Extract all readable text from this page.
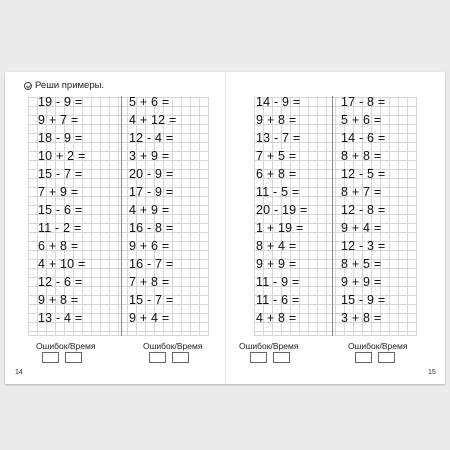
Реши примеры.
19 - 9 =
9 + 7 =
18 - 9 =
10 + 2 =
15 - 7 =
7 + 9 =
15 - 6 =
11 - 2 =
6 + 8 =
4 + 10 =
12 - 6 =
9 + 8 =
13 - 4 =
5 + 6 =
4 + 12 =
12 - 4 =
3 + 9 =
20 - 9 =
17 - 9 =
4 + 9 =
16 - 8 =
9 + 6 =
16 - 7 =
7 + 8 =
15 - 7 =
9 + 4 =
Ошибок/Время	Ошибок/Время
14
14 - 9 =
9 + 8 =
13 - 7 =
7 + 5 =
6 + 8 =
11 - 5 =
20 - 19 =
1 + 19 =
8 + 4 =
9 + 9 =
11 - 9 =
11 - 6 =
4 + 8 =
17 - 8 =
5 + 6 =
14 - 6 =
8 + 8 =
12 - 5 =
8 + 7 =
12 - 8 =
9 + 4 =
12 - 3 =
8 + 5 =
9 + 9 =
15 - 9 =
3 + 8 =
Ошибок/Время	Ошибок/Время
15
